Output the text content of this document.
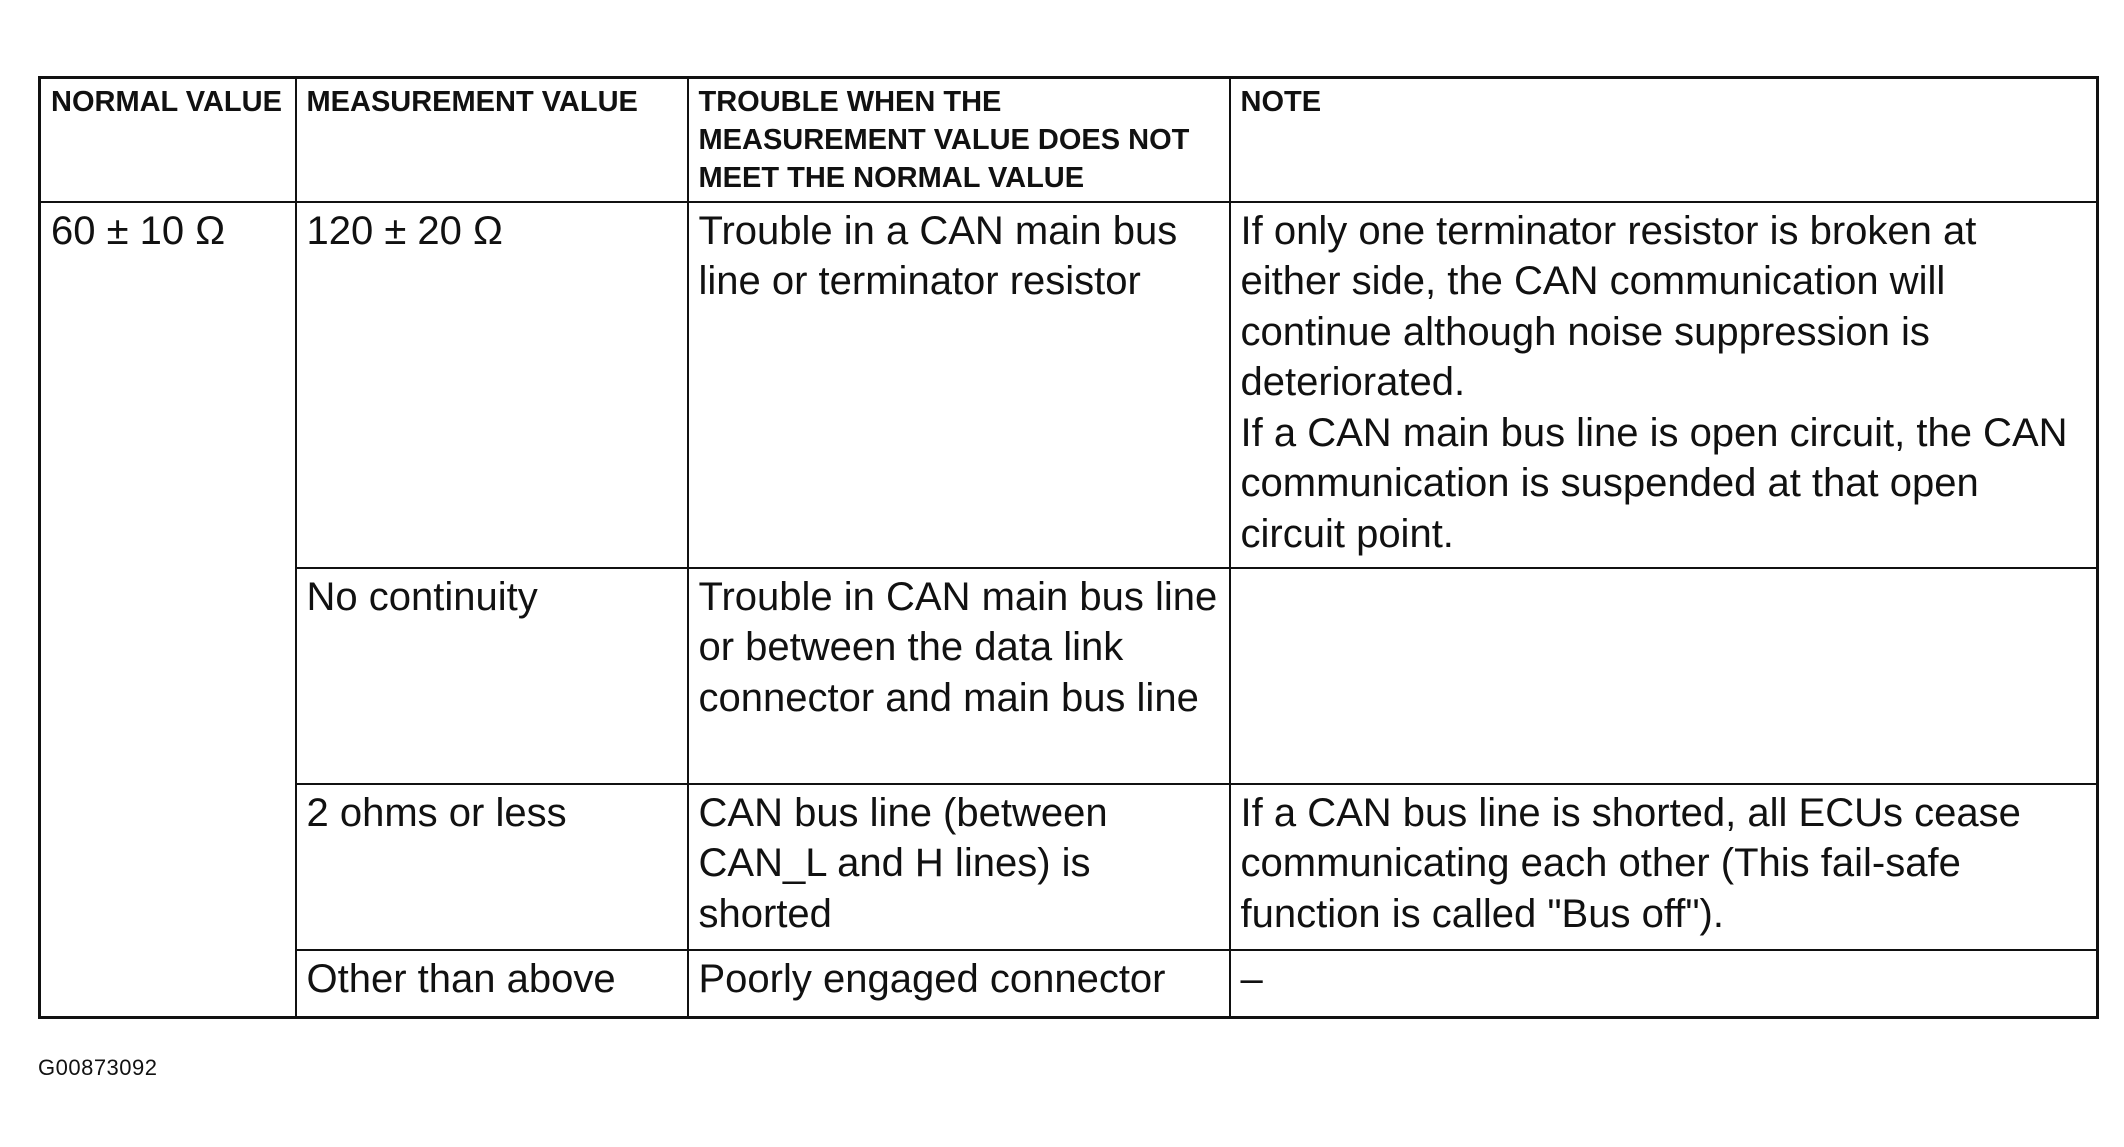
NORMAL VALUE	MEASUREMENT VALUE	TROUBLE WHEN THE MEASUREMENT VALUE DOES NOT MEET THE NORMAL VALUE	NOTE

60 ± 10 Ω	120 ± 20 Ω	Trouble in a CAN main bus line or terminator resistor	If only one terminator resistor is broken at either side, the CAN communication will continue although noise suppression is deteriorated.
If a CAN main bus line is open circuit, the CAN communication is suspended at that open circuit point.

	No continuity	Trouble in CAN main bus line or between the data link connector and main bus line	

	2 ohms or less	CAN bus line (between CAN_L and H lines) is shorted	If a CAN bus line is shorted, all ECUs cease communicating each other (This fail-safe function is called "Bus off").

	Other than above	Poorly engaged connector	–
G00873092
